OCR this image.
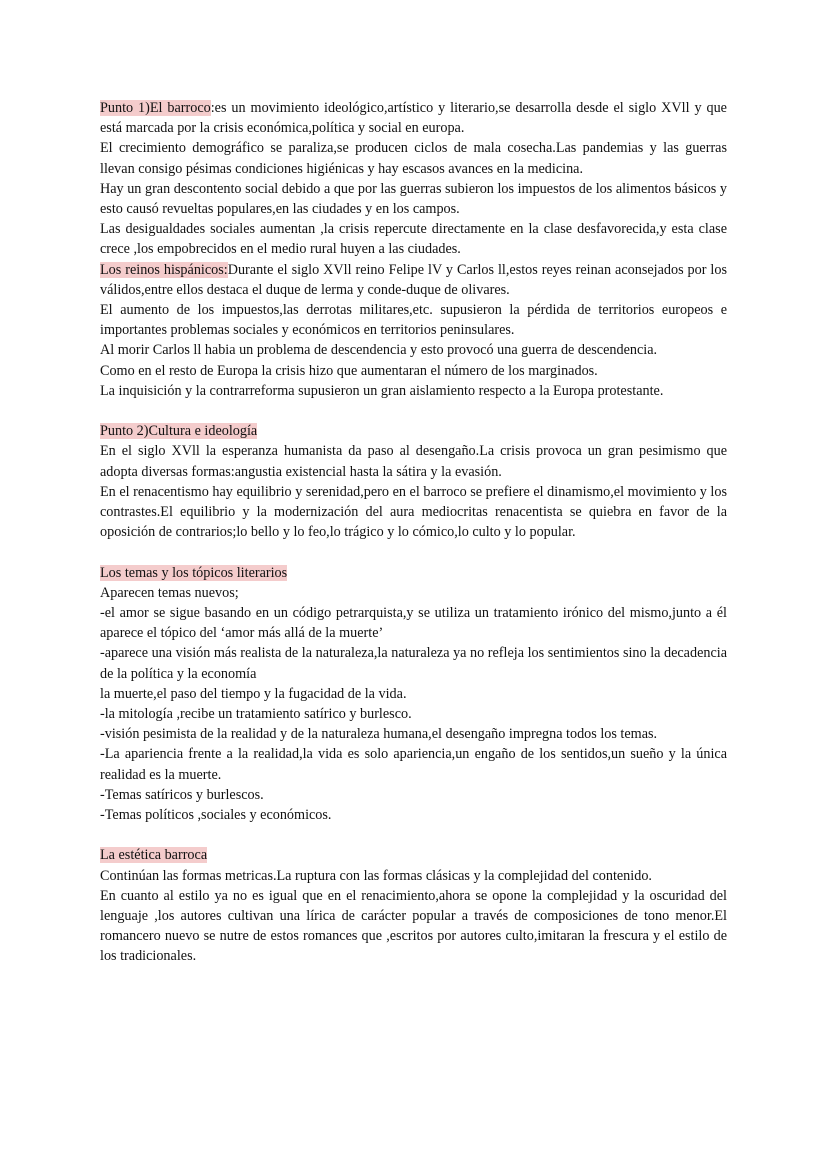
Punto 1)El barroco:es un movimiento ideológico,artístico y literario,se desarrolla desde el siglo XVll y que está marcada por la crisis económica,política y social en europa.

El crecimiento demográfico se paraliza,se producen ciclos de mala cosecha.Las pandemias y las guerras llevan consigo pésimas condiciones higiénicas y hay escasos avances en la medicina.

Hay un gran descontento social debido a que por las guerras subieron los impuestos de los alimentos básicos y esto causó revueltas populares,en las ciudades y en los campos.

Las desigualdades sociales aumentan ,la crisis repercute directamente en la clase desfavorecida,y esta clase crece ,los empobrecidos en el medio rural huyen a las ciudades.

Los reinos hispánicos:Durante el siglo XVll reino Felipe lV y Carlos ll,estos reyes reinan aconsejados por los válidos,entre ellos destaca el duque de lerma y conde-duque de olivares.

El aumento de los impuestos,las derrotas militares,etc. supusieron la pérdida de territorios europeos e importantes problemas sociales y económicos en territorios peninsulares.

Al morir Carlos ll habia un problema de descendencia y esto provocó una guerra de descendencia.

Como en el resto de Europa la crisis hizo que aumentaran el número de los marginados.

La inquisición y la contrarreforma supusieron un gran aislamiento respecto a la Europa protestante.

Punto 2)Cultura e ideología

En el siglo XVll la esperanza humanista da paso al desengaño.La crisis provoca un gran pesimismo que adopta diversas formas:angustia existencial hasta la sátira y la evasión.

En el renacentismo hay equilibrio y serenidad,pero en el barroco se prefiere el dinamismo,el movimiento y los contrastes.El equilibrio y la modernización del aura mediocritas renacentista se quiebra en favor de la oposición de contrarios;lo bello y lo feo,lo trágico y lo cómico,lo culto y lo popular.

Los temas y los tópicos literarios

Aparecen temas nuevos;

-el amor se sigue basando en un código petrarquista,y se utiliza un tratamiento irónico del mismo,junto a él aparece el tópico del ‘amor más allá de la muerte’

-aparece una visión más realista de la naturaleza,la naturaleza ya no refleja los sentimientos sino la decadencia de la política y la economía

la muerte,el paso del tiempo y la fugacidad de la vida.

-la mitología ,recibe un tratamiento satírico y burlesco.

-visión pesimista de la realidad y de la naturaleza humana,el desengaño impregna todos los temas.

-La apariencia frente a la realidad,la vida es solo apariencia,un engaño de los sentidos,un sueño y la única realidad es la muerte.

-Temas satíricos y burlescos.

-Temas políticos ,sociales y económicos.

La estética barroca

Continúan las formas metricas.La ruptura con las formas clásicas y la complejidad del contenido.

En cuanto al estilo ya no es igual que en el renacimiento,ahora se opone la complejidad y la oscuridad del lenguaje ,los autores cultivan una lírica de carácter popular a través de composiciones de tono menor.El romancero nuevo se nutre de estos romances que ,escritos por autores culto,imitaran la frescura y el estilo de los tradicionales.
